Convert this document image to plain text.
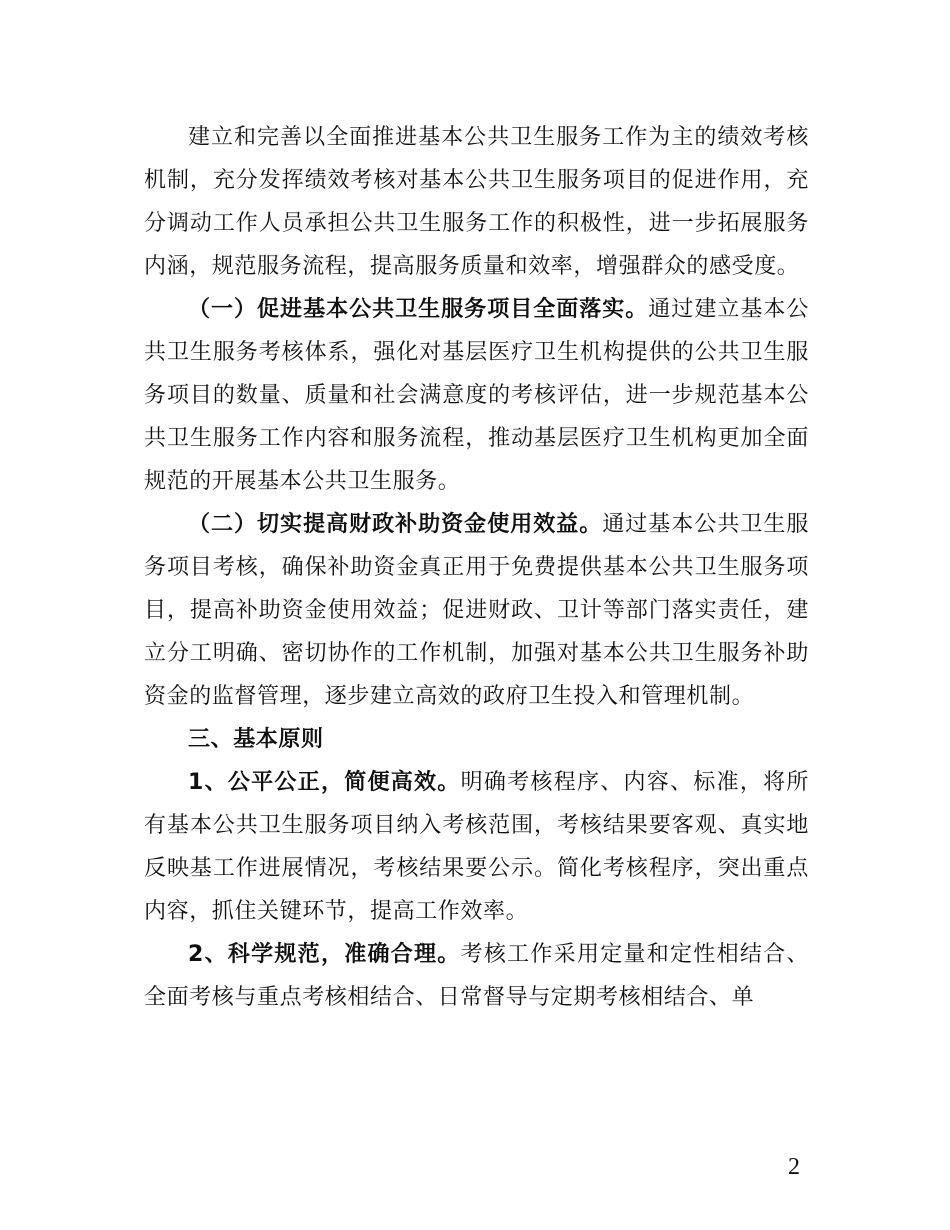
建立和完善以全面推进基本公共卫生服务工作为主的绩效考核机制，充分发挥绩效考核对基本公共卫生服务项目的促进作用，充分调动工作人员承担公共卫生服务工作的积极性，进一步拓展服务内涵，规范服务流程，提高服务质量和效率，增强群众的感受度。

（一）促进基本公共卫生服务项目全面落实。通过建立基本公共卫生服务考核体系，强化对基层医疗卫生机构提供的公共卫生服务项目的数量、质量和社会满意度的考核评估，进一步规范基本公共卫生服务工作内容和服务流程，推动基层医疗卫生机构更加全面规范的开展基本公共卫生服务。

（二）切实提高财政补助资金使用效益。通过基本公共卫生服务项目考核，确保补助资金真正用于免费提供基本公共卫生服务项目，提高补助资金使用效益；促进财政、卫计等部门落实责任，建立分工明确、密切协作的工作机制，加强对基本公共卫生服务补助资金的监督管理，逐步建立高效的政府卫生投入和管理机制。

三、基本原则

1、公平公正，简便高效。明确考核程序、内容、标准，将所有基本公共卫生服务项目纳入考核范围，考核结果要客观、真实地反映基工作进展情况，考核结果要公示。简化考核程序，突出重点内容，抓住关键环节，提高工作效率。

2、科学规范，准确合理。考核工作采用定量和定性相结合、全面考核与重点考核相结合、日常督导与定期考核相结合、单

2
